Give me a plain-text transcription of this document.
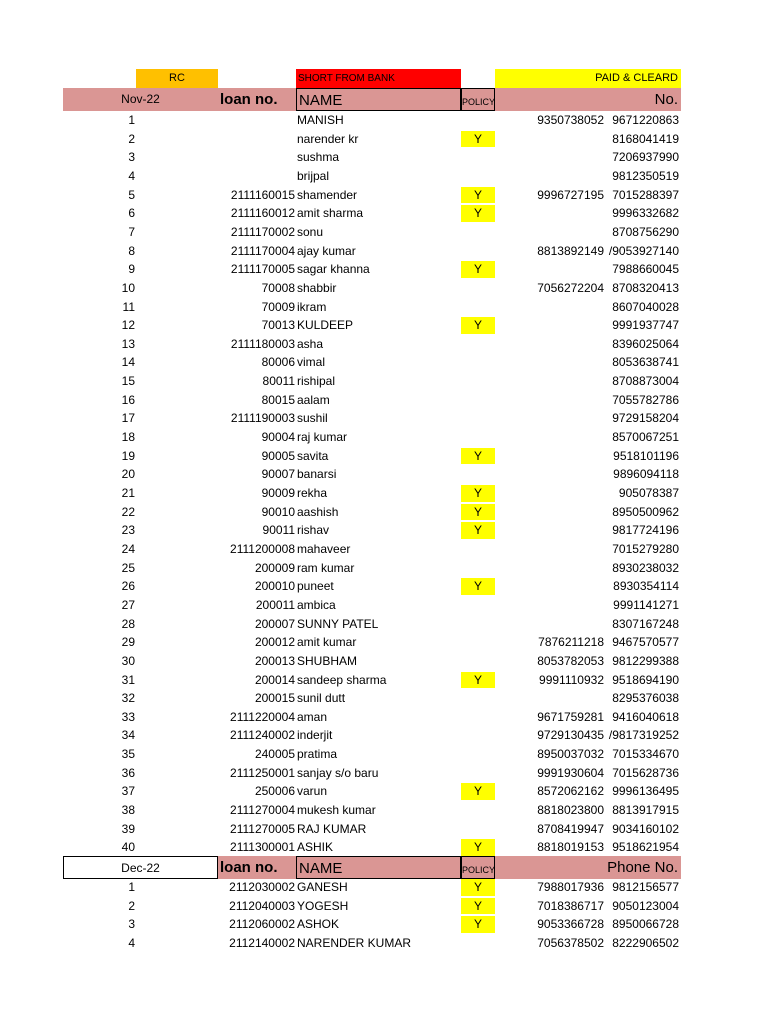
RC	SHORT FROM BANK	PAID & CLEARD
Nov-22	loan no.	NAME	POLICY	No.
1	MANISH	9350738052 9671220863
2	narender kr	Y	8168041419
3	sushma	7206937990
4	brijpal	9812350519
5	2111160015 shamender	Y	9996727195 7015288397
6	2111160012 amit sharma	Y	9996332682
7	2111170002 sonu	8708756290
8	2111170004 ajay kumar	8813892149 /9053927140
9	2111170005 sagar khanna	Y	7988660045
10	70008 shabbir	7056272204 8708320413
11	70009 ikram	8607040028
12	70013 KULDEEP	Y	9991937747
13	2111180003 asha	8396025064
14	80006 vimal	8053638741
15	80011 rishipal	8708873004
16	80015 aalam	7055782786
17	2111190003 sushil	9729158204
18	90004 raj kumar	8570067251
19	90005 savita	Y	9518101196
20	90007 banarsi	9896094118
21	90009 rekha	Y	905078387
22	90010 aashish	Y	8950500962
23	90011 rishav	Y	9817724196
24	2111200008 mahaveer	7015279280
25	200009 ram kumar	8930238032
26	200010 puneet	Y	8930354114
27	200011 ambica	9991141271
28	200007 SUNNY PATEL	8307167248
29	200012 amit kumar	7876211218 9467570577
30	200013 SHUBHAM	8053782053 9812299388
31	200014 sandeep sharma	Y	9991110932 9518694190
32	200015 sunil dutt	8295376038
33	2111220004 aman	9671759281 9416040618
34	2111240002 inderjit	9729130435 /9817319252
35	240005 pratima	8950037032 7015334670
36	2111250001 sanjay s/o baru	9991930604 7015628736
37	250006 varun	Y	8572062162 9996136495
38	2111270004 mukesh kumar	8818023800 8813917915
39	2111270005 RAJ KUMAR	8708419947 9034160102
40	2111300001 ASHIK	Y	8818019153 9518621954
Dec-22	loan no.	NAME	POLICY	Phone No.
1	2112030002 GANESH	Y	7988017936 9812156577
2	2112040003 YOGESH	Y	7018386717 9050123004
3	2112060002 ASHOK	Y	9053366728 8950066728
4	2112140002 NARENDER KUMAR	7056378502 8222906502
